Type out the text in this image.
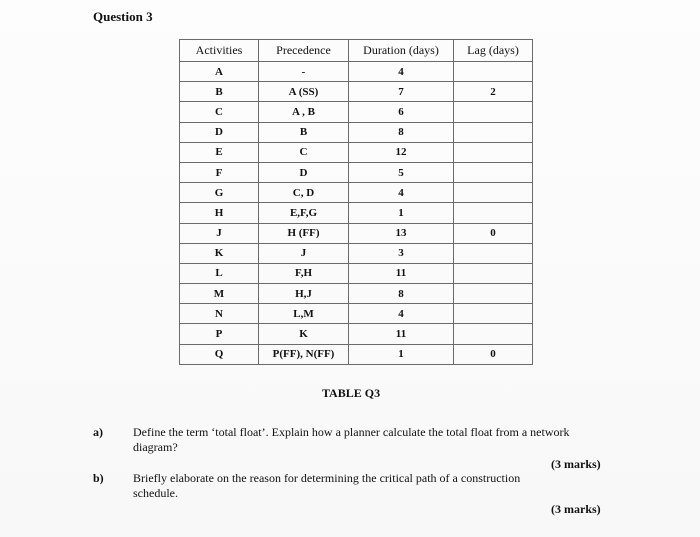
Question 3
Activities	Precedence	Duration (days)	Lag (days)
A	-	4	
B	A (SS)	7	2
C	A , B	6	
D	B	8	
E	C	12	
F	D	5	
G	C, D	4	
H	E,F,G	1	
J	H (FF)	13	0
K	J	3	
L	F,H	11	
M	H,J	8	
N	L,M	4	
P	K	11	
Q	P(FF), N(FF)	1	0
TABLE Q3
a)	Define the term ‘total float’. Explain how a planner calculate the total float from a network diagram?
(3 marks)
b) Briefly elaborate on the reason for determining the critical path of a construction schedule.
(3 marks)
